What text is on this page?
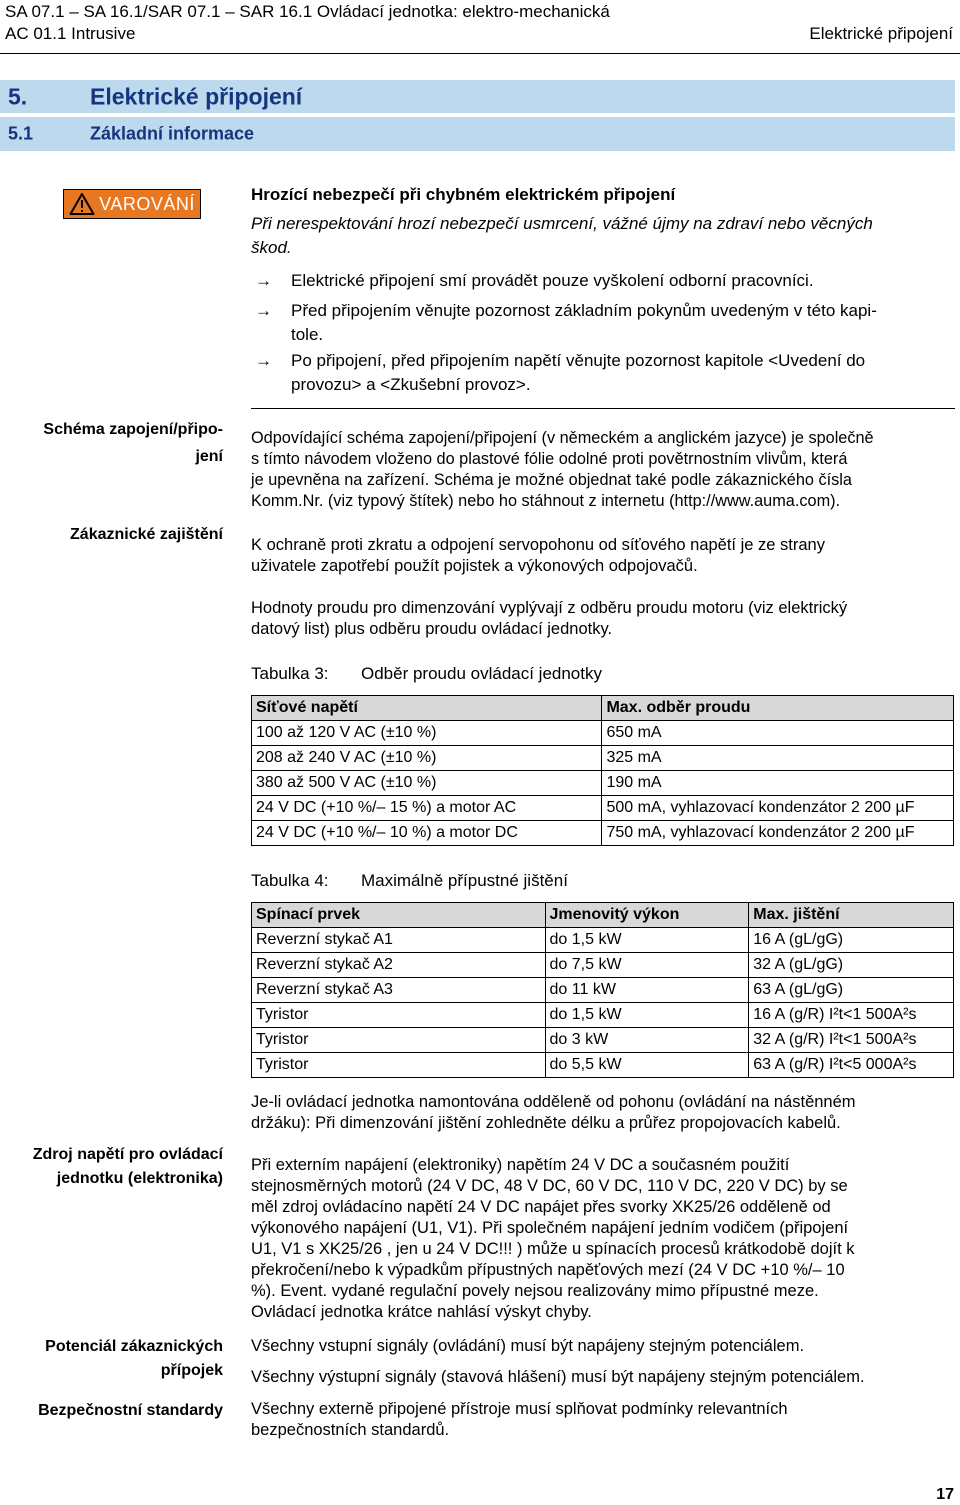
SA 07.1 – SA 16.1/SAR 07.1 – SAR 16.1 Ovládací jednotka: elektro-mechanická
AC 01.1 Intrusive	Elektrické připojení
5.	Elektrické připojení
5.1	Základní informace
VAROVÁNÍ	Hrozící nebezpečí při chybném elektrickém připojení
Při nerespektování hrozí nebezpečí usmrcení, vážné újmy na zdraví nebo věcných
škod.
→	Elektrické připojení smí provádět pouze vyškolení odborní pracovníci.
→	Před připojením věnujte pozornost základním pokynům uvedeným v této kapi-
tole.
→	Po připojení, před připojením napětí věnujte pozornost kapitole <Uvedení do
provozu> a <Zkušební provoz>.
Schéma zapojení/připo-
jení
Zákaznické zajištění
Odpovídající schéma zapojení/připojení (v německém a anglickém jazyce) je společně
s tímto návodem vloženo do plastové fólie odolné proti povětrnostním vlivům, která
je upevněna na zařízení. Schéma je možné objednat také podle zákaznického čísla
Komm.Nr. (viz typový štítek) nebo ho stáhnout z internetu (http://www.auma.com).
K ochraně proti zkratu a odpojení servopohonu od síťového napětí je ze strany
uživatele zapotřebí použít pojistek a výkonových odpojovačů.
Hodnoty proudu pro dimenzování vyplývají z odběru proudu motoru (viz elektrický
datový list) plus odběru proudu ovládací jednotky.
Tabulka 3:	Odběr proudu ovládací jednotky
Síťové napětí	Max. odběr proudu
100 až 120 V AC (±10 %)	650 mA
208 až 240 V AC (±10 %)	325 mA
380 až 500 V AC (±10 %)	190 mA
24 V DC (+10 %/– 15 %) a motor AC	500 mA, vyhlazovací kondenzátor 2 200 µF
24 V DC (+10 %/– 10 %) a motor DC	750 mA, vyhlazovací kondenzátor 2 200 µF
Tabulka 4:	Maximálně přípustné jištění
Spínací prvek	Jmenovitý výkon	Max. jištění
Reverzní stykač A1	do 1,5 kW	16 A (gL/gG)
Reverzní stykač A2	do 7,5 kW	32 A (gL/gG)
Reverzní stykač A3	do 11 kW	63 A (gL/gG)
Tyristor	do 1,5 kW	16 A (g/R) I²t<1 500A²s
Tyristor	do 3 kW	32 A (g/R) I²t<1 500A²s
Tyristor	do 5,5 kW	63 A (g/R) I²t<5 000A²s
Je-li ovládací jednotka namontována odděleně od pohonu (ovládání na nástěnném
držáku): Při dimenzování jištění zohledněte délku a průřez propojovacích kabelů.
Zdroj napětí pro ovládací
jednotku (elektronika)
Při externím napájení (elektroniky) napětím 24 V DC a současném použití
stejnosměrných motorů (24 V DC, 48 V DC, 60 V DC, 110 V DC, 220 V DC) by se
měl zdroj ovládacíno napětí 24 V DC napájet přes svorky XK25/26 odděleně od
výkonového napájení (U1, V1). Při společném napájení jedním vodičem (připojení
U1, V1 s XK25/26 , jen u 24 V DC!!! ) může u spínacích procesů krátkodobě dojít k
překročení/nebo k výpadkům přípustných napěťových mezí (24 V DC +10 %/– 10
%). Event. vydané regulační povely nejsou realizovány mimo přípustné meze.
Ovládací jednotka krátce nahlásí výskyt chyby.
Potenciál zákaznických
přípojek
Všechny vstupní signály (ovládání) musí být napájeny stejným potenciálem.
Všechny výstupní signály (stavová hlášení) musí být napájeny stejným potenciálem.
Bezpečnostní standardy Všechny externě připojené přístroje musí splňovat podmínky relevantních
bezpečnostních standardů.
17
